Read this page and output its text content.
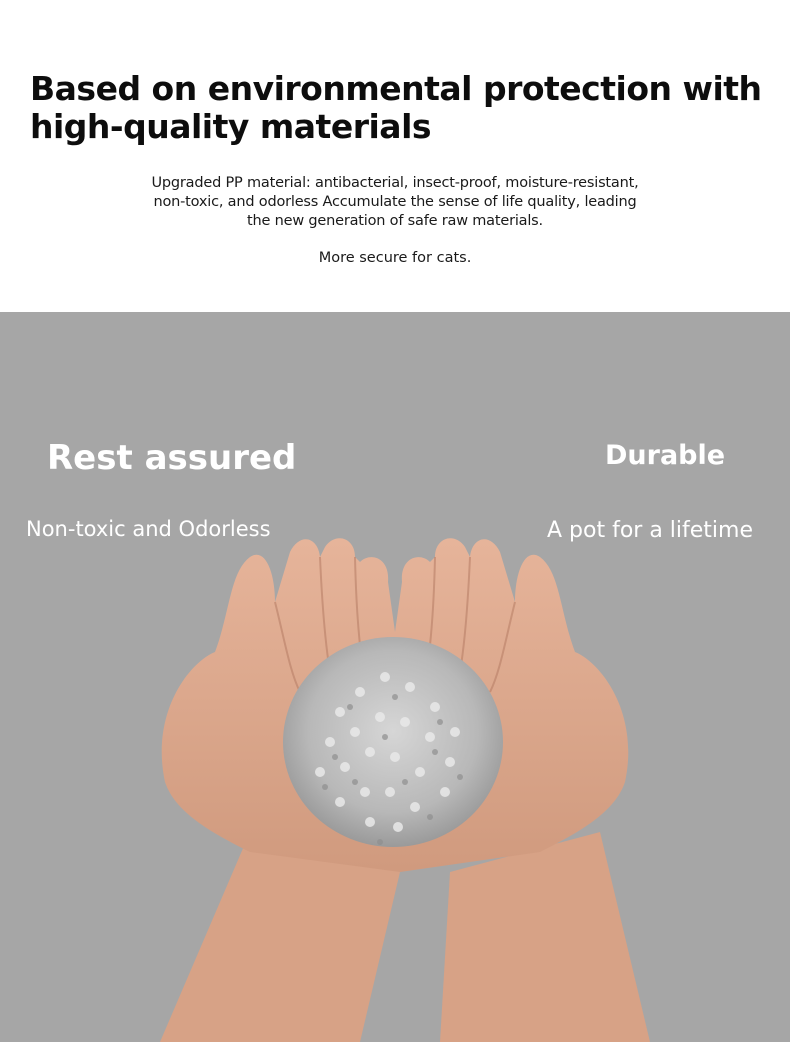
Based on environmental protection with high-quality materials

Upgraded PP material: antibacterial, insect-proof, moisture-resistant, non-toxic, and odorless Accumulate the sense of life quality, leading the new generation of safe raw materials.

More secure for cats.

Rest assured

Non-toxic and Odorless

Durable

A pot for a lifetime
